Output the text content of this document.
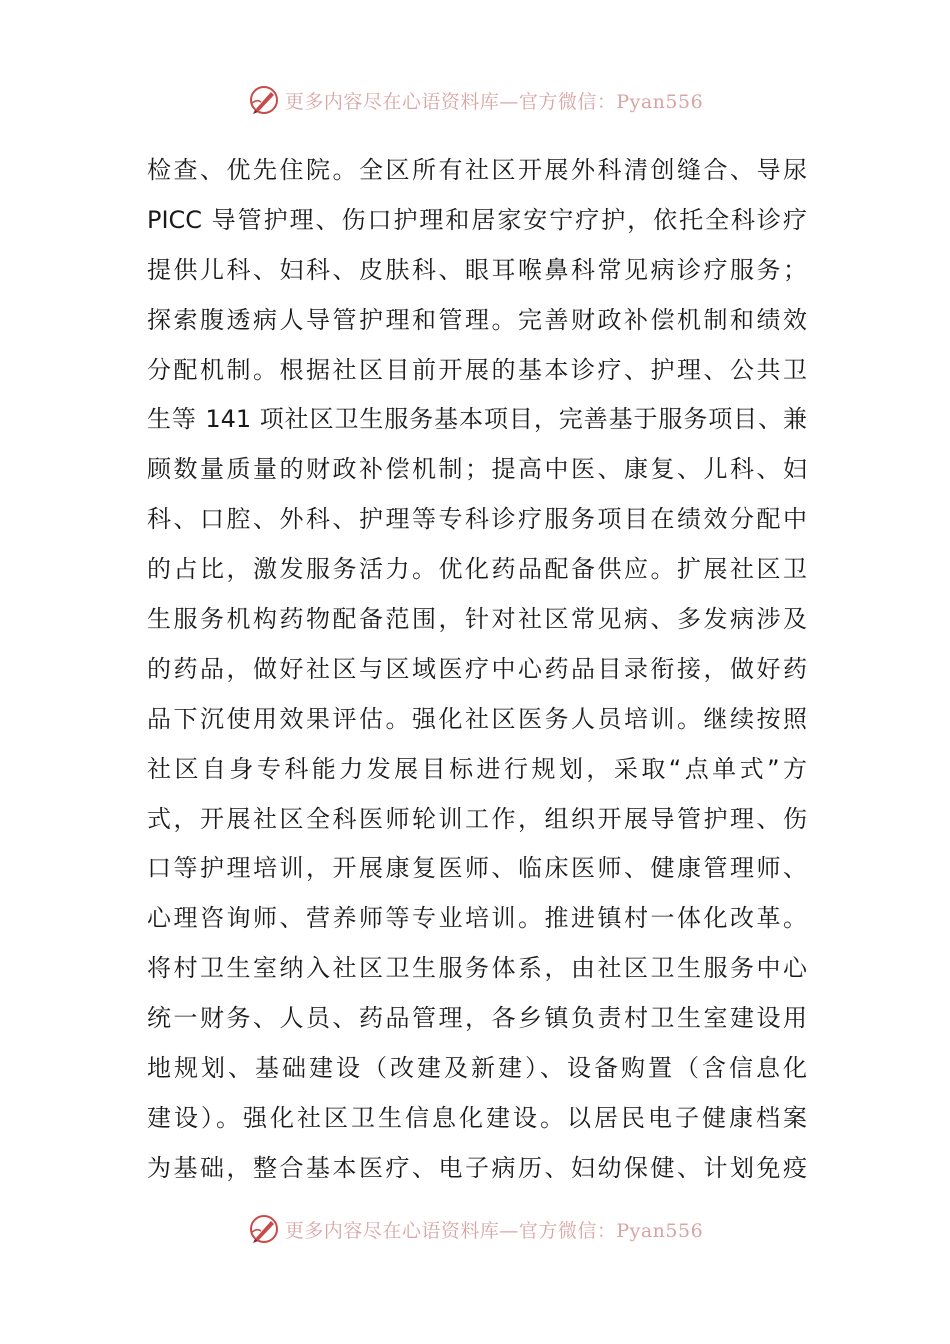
更多内容尽在心语资料库—官方微信：Pyan556
检查、优先住院。全区所有社区开展外科清创缝合、导尿
PICC 导管护理、伤口护理和居家安宁疗护，依托全科诊疗
提供儿科、妇科、皮肤科、眼耳喉鼻科常见病诊疗服务；
探索腹透病人导管护理和管理。完善财政补偿机制和绩效
分配机制。根据社区目前开展的基本诊疗、护理、公共卫
生等 141 项社区卫生服务基本项目，完善基于服务项目、兼
顾数量质量的财政补偿机制；提高中医、康复、儿科、妇
科、口腔、外科、护理等专科诊疗服务项目在绩效分配中
的占比，激发服务活力。优化药品配备供应。扩展社区卫
生服务机构药物配备范围，针对社区常见病、多发病涉及
的药品，做好社区与区域医疗中心药品目录衔接，做好药
品下沉使用效果评估。强化社区医务人员培训。继续按照
社区自身专科能力发展目标进行规划，采取“点单式”方
式，开展社区全科医师轮训工作，组织开展导管护理、伤
口等护理培训，开展康复医师、临床医师、健康管理师、
心理咨询师、营养师等专业培训。推进镇村一体化改革。
将村卫生室纳入社区卫生服务体系，由社区卫生服务中心
统一财务、人员、药品管理，各乡镇负责村卫生室建设用
地规划、基础建设（改建及新建）、设备购置（含信息化
建设）。强化社区卫生信息化建设。以居民电子健康档案
为基础，整合基本医疗、电子病历、妇幼保健、计划免疫
更多内容尽在心语资料库—官方微信：Pyan556
